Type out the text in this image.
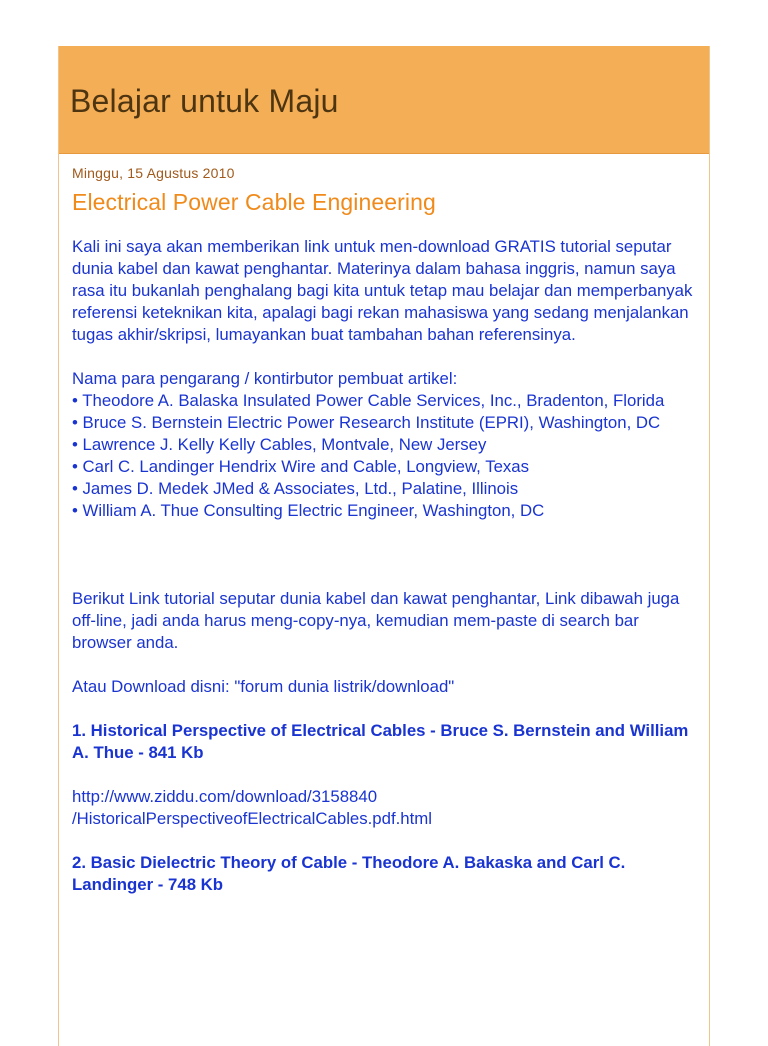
Belajar untuk Maju
Minggu, 15 Agustus 2010
Electrical Power Cable Engineering

Kali ini saya akan memberikan link untuk men-download GRATIS tutorial seputar dunia kabel dan kawat penghantar. Materinya dalam bahasa inggris, namun saya rasa itu bukanlah penghalang bagi kita untuk tetap mau belajar dan memperbanyak referensi keteknikan kita, apalagi bagi rekan mahasiswa yang sedang menjalankan tugas akhir/skripsi, lumayankan buat tambahan bahan referensinya.

Nama para pengarang / kontirbutor pembuat artikel:

• Theodore A. Balaska Insulated Power Cable Services, Inc., Bradenton, Florida

• Bruce S. Bernstein Electric Power Research Institute (EPRI), Washington, DC

• Lawrence J. Kelly Kelly Cables, Montvale, New Jersey

• Carl C. Landinger Hendrix Wire and Cable, Longview, Texas

• James D. Medek JMed & Associates, Ltd., Palatine, Illinois

• William A. Thue Consulting Electric Engineer, Washington, DC

Berikut Link tutorial seputar dunia kabel dan kawat penghantar, Link dibawah juga off-line, jadi anda harus meng-copy-nya, kemudian mem-paste di search bar browser anda.

Atau Download disni: "forum dunia listrik/download"

1. Historical Perspective of Electrical Cables - Bruce S. Bernstein and William A. Thue - 841 Kb

http://www.ziddu.com/download/3158840
/HistoricalPerspectiveofElectricalCables.pdf.html

2. Basic Dielectric Theory of Cable - Theodore A. Bakaska and Carl C. Landinger - 748 Kb
